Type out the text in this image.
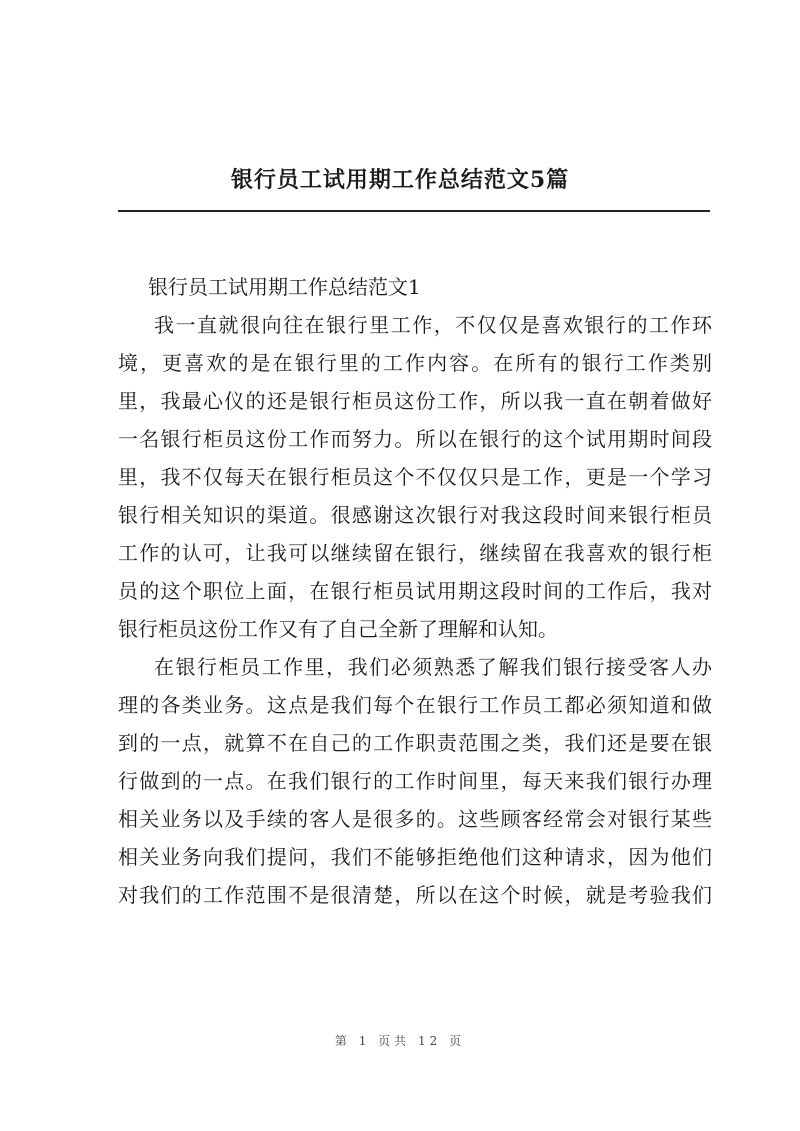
银行员工试用期工作总结范文5篇
银行员工试用期工作总结范文1

我一直就很向往在银行里工作，不仅仅是喜欢银行的工作环
境，更喜欢的是在银行里的工作内容。在所有的银行工作类别
里，我最心仪的还是银行柜员这份工作，所以我一直在朝着做好
一名银行柜员这份工作而努力。所以在银行的这个试用期时间段
里，我不仅每天在银行柜员这个不仅仅只是工作，更是一个学习
银行相关知识的渠道。很感谢这次银行对我这段时间来银行柜员
工作的认可，让我可以继续留在银行，继续留在我喜欢的银行柜
员的这个职位上面，在银行柜员试用期这段时间的工作后，我对
银行柜员这份工作又有了自己全新了理解和认知。

在银行柜员工作里，我们必须熟悉了解我们银行接受客人办
理的各类业务。这点是我们每个在银行工作员工都必须知道和做
到的一点，就算不在自己的工作职责范围之类，我们还是要在银
行做到的一点。在我们银行的工作时间里，每天来我们银行办理
相关业务以及手续的客人是很多的。这些顾客经常会对银行某些
相关业务向我们提问，我们不能够拒绝他们这种请求，因为他们
对我们的工作范围不是很清楚，所以在这个时候，就是考验我们

第 1 页共 12 页
